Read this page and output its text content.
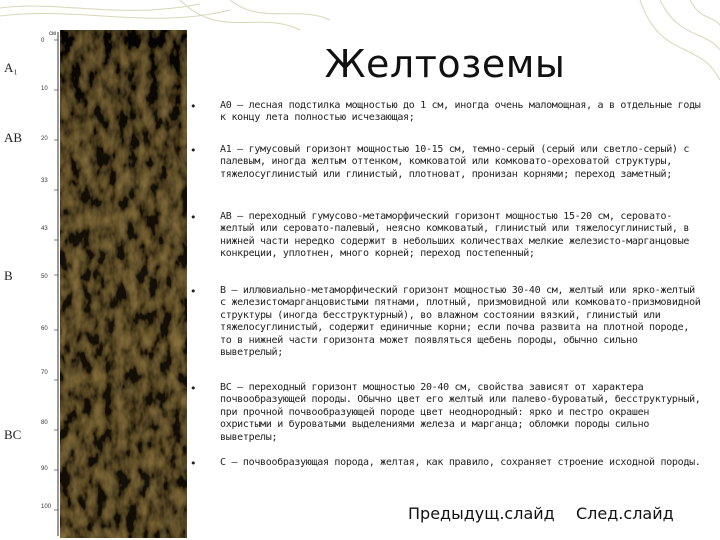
A₁
AB
B
BC
см
0
10
20
33
43
50
60
70
80
90
100
Желтоземы
• А0 — лесная подстилка мощностью до 1 см, иногда очень маломощная, а в отдельные годы к концу лета полностью исчезающая;
• А1 — гумусовый горизонт мощностью 10-15 см, темно-серый (серый или светло-серый) с палевым, иногда желтым оттенком, комковатой или комковато-ореховатой структуры, тяжелосуглинистый или глинистый, плотноват, пронизан корнями; переход заметный;
• АВ — переходный гумусово-метаморфический горизонт мощностью 15-20 см, серовато-желтый или серовато-палевый, неясно комковатый, глинистый или тяжелосуглинистый, в нижней части нередко содержит в небольших количествах мелкие железисто-марганцовые конкреции, уплотнен, много корней; переход постепенный;
• В — иллювиально-метаморфический горизонт мощностью 30-40 см, желтый или ярко-желтый с железистомарганцовистыми пятнами, плотный, призмовидной или комковато-призмовидной структуры (иногда бесструктурный), во влажном состоянии вязкий, глинистый или тяжелосуглинистый, содержит единичные корни; если почва развита на плотной породе, то в нижней части горизонта может появляться щебень породы, обычно сильно выветрелый;
• ВС — переходный горизонт мощностью 20-40 см, свойства зависят от характера почвообразующей породы. Обычно цвет его желтый или палево-буроватый, бесструктурный, при прочной почвообразующей породе цвет неоднородный: ярко и пестро окрашен охристыми и буроватыми выделениями железа и марганца; обломки породы сильно выветрелы;
• С — почвообразующая порода, желтая, как правило, сохраняет строение исходной породы.
Предыдущ.слайд След.слайд
